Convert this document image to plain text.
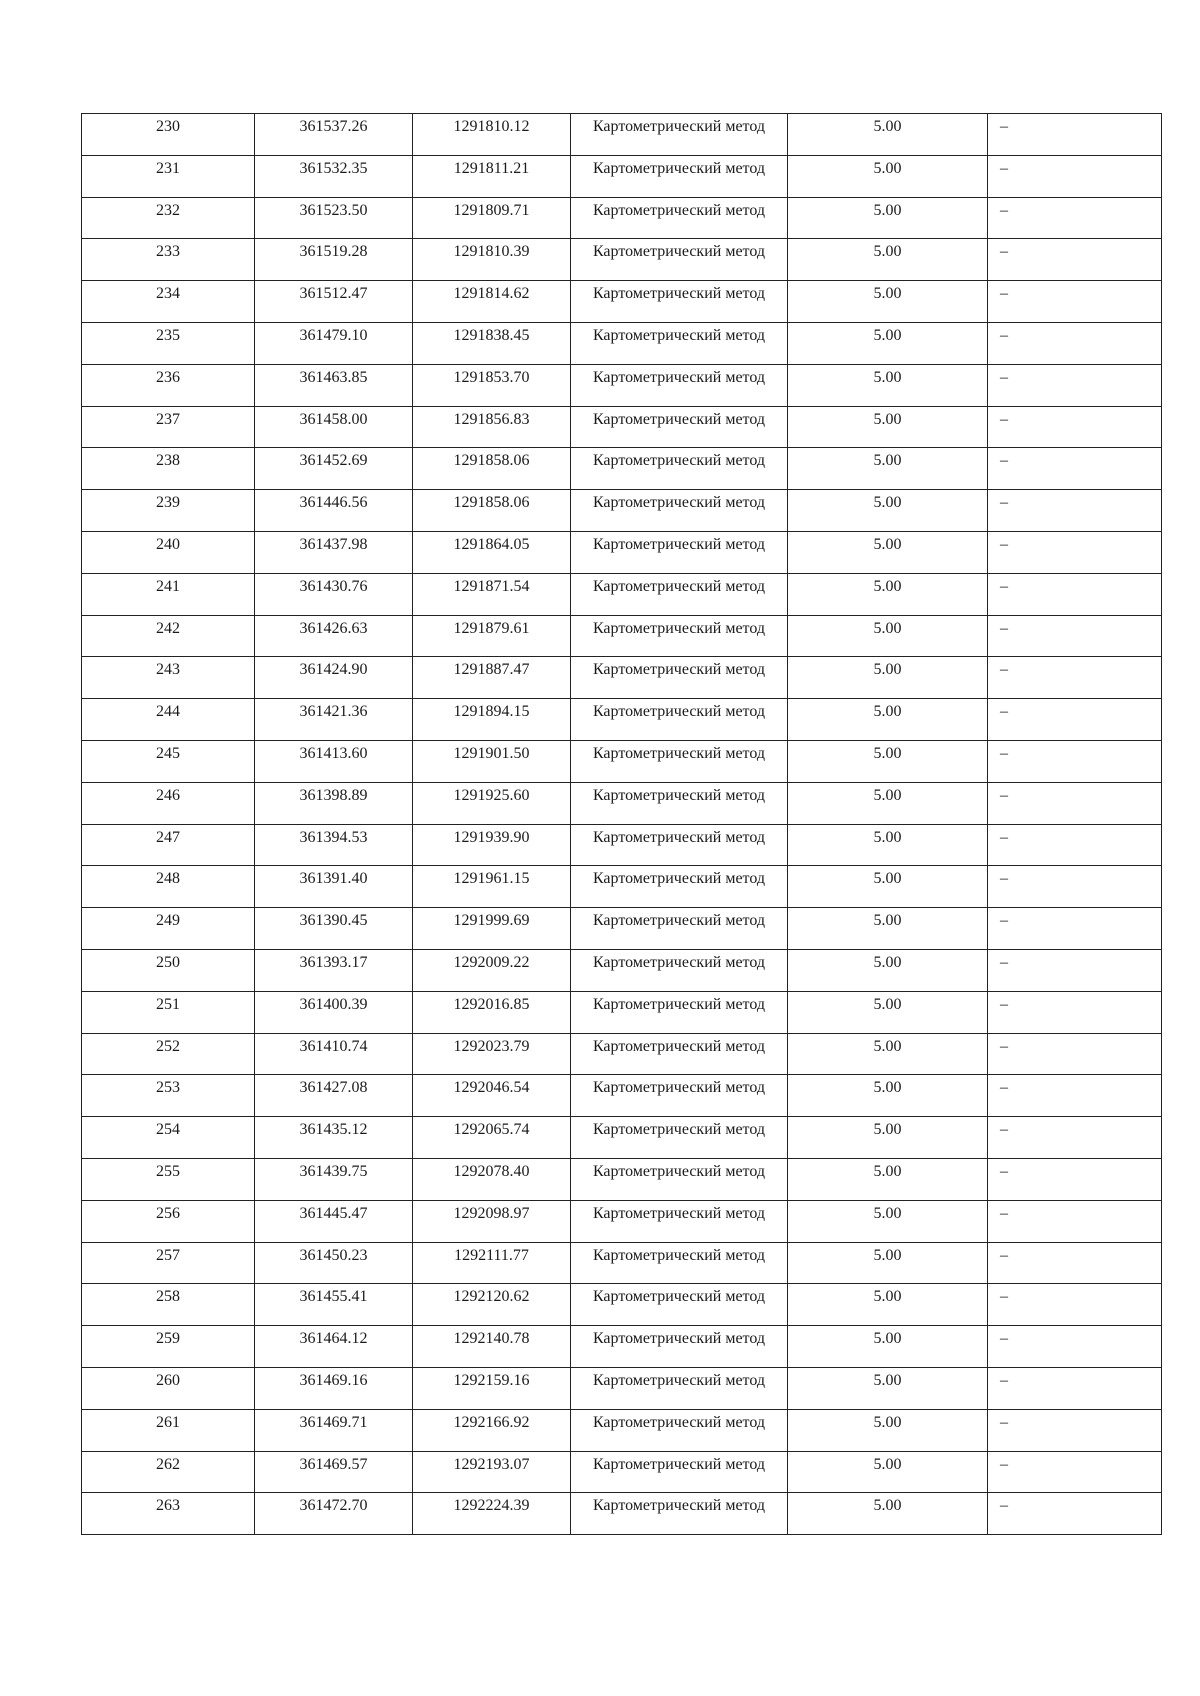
230	361537.26	1291810.12	Картометрический метод	5.00	–

231	361532.35	1291811.21	Картометрический метод	5.00	–

232	361523.50	1291809.71	Картометрический метод	5.00	–

233	361519.28	1291810.39	Картометрический метод	5.00	–

234	361512.47	1291814.62	Картометрический метод	5.00	–

235	361479.10	1291838.45	Картометрический метод	5.00	–

236	361463.85	1291853.70	Картометрический метод	5.00	–

237	361458.00	1291856.83	Картометрический метод	5.00	–

238	361452.69	1291858.06	Картометрический метод	5.00	–

239	361446.56	1291858.06	Картометрический метод	5.00	–

240	361437.98	1291864.05	Картометрический метод	5.00	–

241	361430.76	1291871.54	Картометрический метод	5.00	–

242	361426.63	1291879.61	Картометрический метод	5.00	–

243	361424.90	1291887.47	Картометрический метод	5.00	–

244	361421.36	1291894.15	Картометрический метод	5.00	–

245	361413.60	1291901.50	Картометрический метод	5.00	–

246	361398.89	1291925.60	Картометрический метод	5.00	–

247	361394.53	1291939.90	Картометрический метод	5.00	–

248	361391.40	1291961.15	Картометрический метод	5.00	–

249	361390.45	1291999.69	Картометрический метод	5.00	–

250	361393.17	1292009.22	Картометрический метод	5.00	–

251	361400.39	1292016.85	Картометрический метод	5.00	–

252	361410.74	1292023.79	Картометрический метод	5.00	–

253	361427.08	1292046.54	Картометрический метод	5.00	–

254	361435.12	1292065.74	Картометрический метод	5.00	–

255	361439.75	1292078.40	Картометрический метод	5.00	–

256	361445.47	1292098.97	Картометрический метод	5.00	–

257	361450.23	1292111.77	Картометрический метод	5.00	–

258	361455.41	1292120.62	Картометрический метод	5.00	–

259	361464.12	1292140.78	Картометрический метод	5.00	–

260	361469.16	1292159.16	Картометрический метод	5.00	–

261	361469.71	1292166.92	Картометрический метод	5.00	–

262	361469.57	1292193.07	Картометрический метод	5.00	–

263	361472.70	1292224.39	Картометрический метод	5.00	–
